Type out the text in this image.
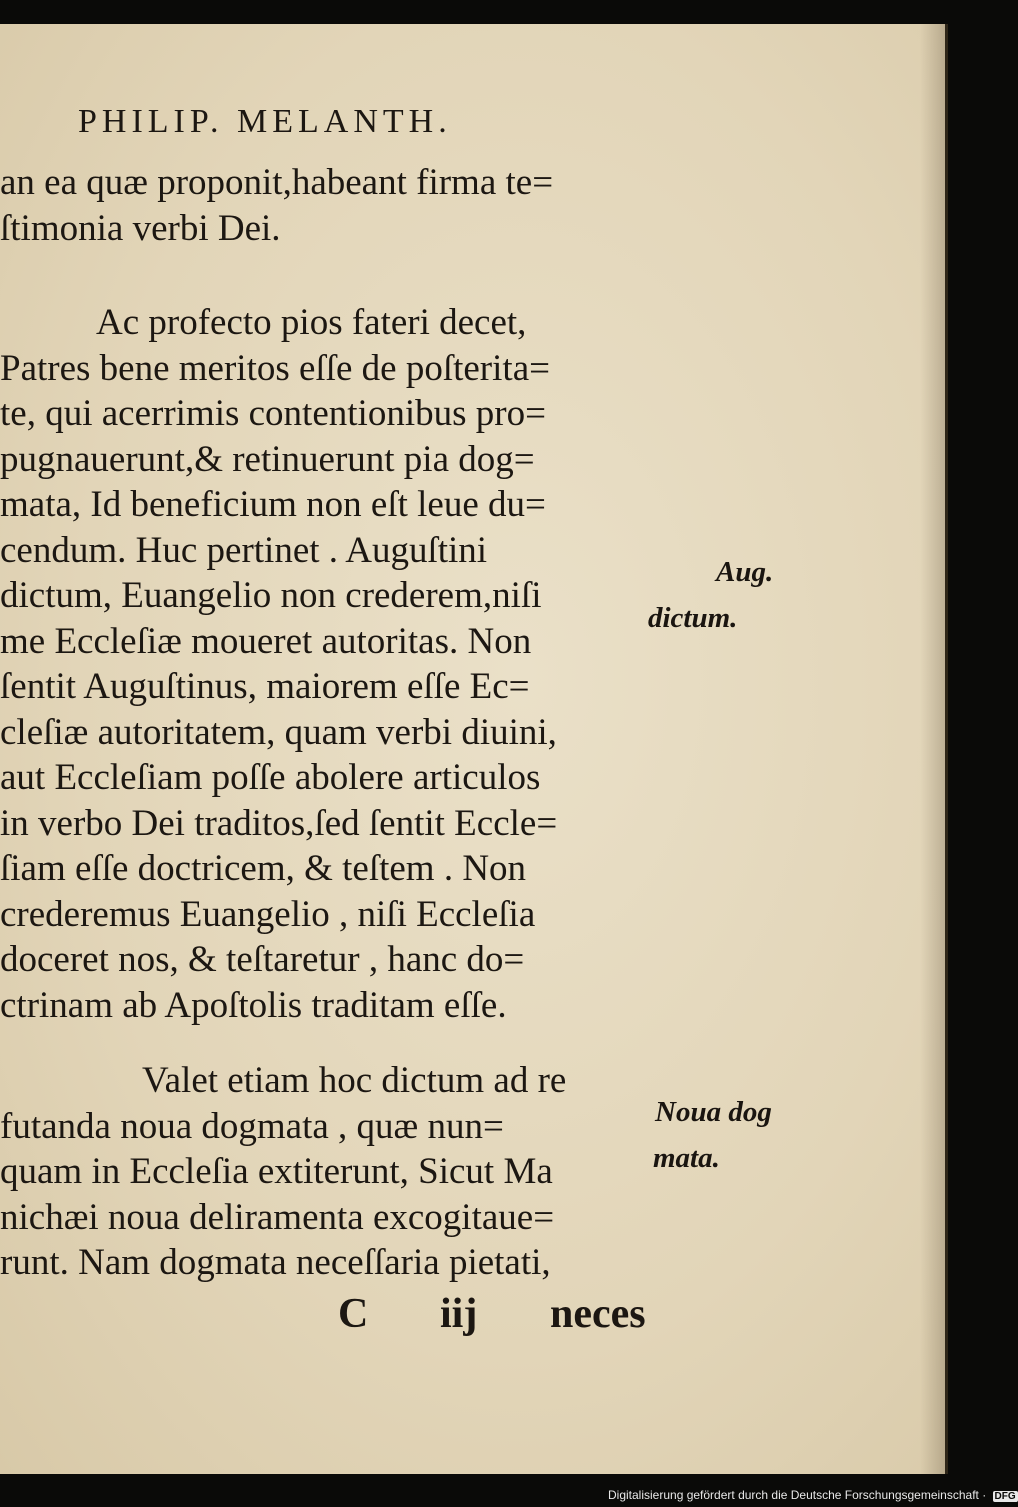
PHILIP. MELANTH.
an ea quæ proponit,habeant firma te=
ſtimonia verbi Dei.
Ac profecto pios fateri decet,
Patres bene meritos eſſe de poſterita=
te, qui acerrimis contentionibus pro=
pugnauerunt,& retinuerunt pia dog=
mata, Id beneficium non eſt leue du=
cendum. Huc pertinet . Auguſtini
dictum, Euangelio non crederem,niſi
me Eccleſiæ moueret autoritas. Non
ſentit Auguſtinus, maiorem eſſe Ec=
cleſiæ autoritatem, quam verbi diuini,
aut Eccleſiam poſſe abolere articulos
in verbo Dei traditos,ſed ſentit Eccle=
ſiam eſſe doctricem, & teſtem . Non
crederemus Euangelio , niſi Eccleſia
doceret nos, & teſtaretur , hanc do=
ctrinam ab Apoſtolis traditam eſſe.
Valet etiam hoc dictum ad re
futanda noua dogmata , quæ nun=
quam in Eccleſia extiterunt, Sicut Ma
nichæi noua deliramenta excogitaue=
runt. Nam dogmata neceſſaria pietati,
Aug.
dictum.
Noua dog
mata.
C iij neces
Digitalisierung gefördert durch die Deutsche Forschungsgemeinschaft · DFG
